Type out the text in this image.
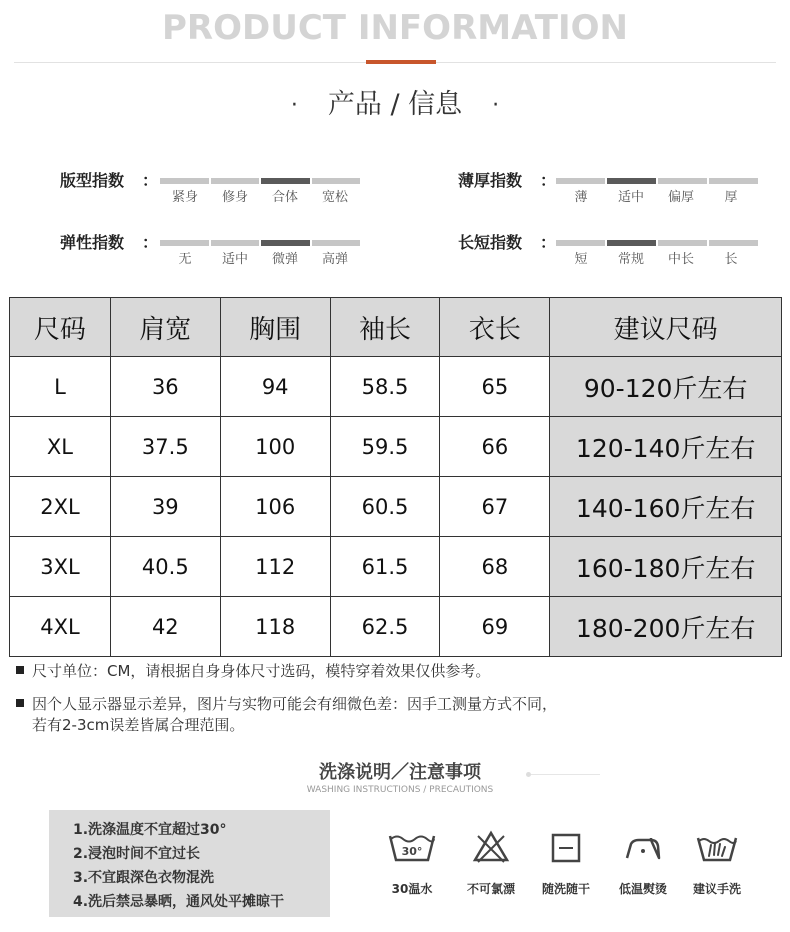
PRODUCT INFORMATION
· 产品 / 信息 ·
版型指数 ：
紧身	修身	合体	宽松
薄厚指数 ：
薄	适中	偏厚	厚
弹性指数 ：
无	适中	微弹	高弹
长短指数 ：
短	常规	中长	长
尺码	肩宽	胸围	袖长	衣长	建议尺码
L	36	94	58.5	65	90-120斤左右
XL	37.5	100	59.5	66	120-140斤左右
2XL	39	106	60.5	67	140-160斤左右
3XL	40.5	112	61.5	68	160-180斤左右
4XL	42	118	62.5	69	180-200斤左右
尺寸单位：CM，请根据自身身体尺寸选码，模特穿着效果仅供参考。
因个人显示器显示差异，图片与实物可能会有细微色差：因手工测量方式不同，
若有2-3cm误差皆属合理范围。
洗涤说明／注意事项
WASHING INSTRUCTIONS / PRECAUTIONS
1.洗涤温度不宜超过30°
2.浸泡时间不宜过长
3.不宜跟深色衣物混洗
4.洗后禁忌暴晒，通风处平摊晾干
30°
30温水	不可氯漂	随洗随干	低温熨烫	建议手洗
